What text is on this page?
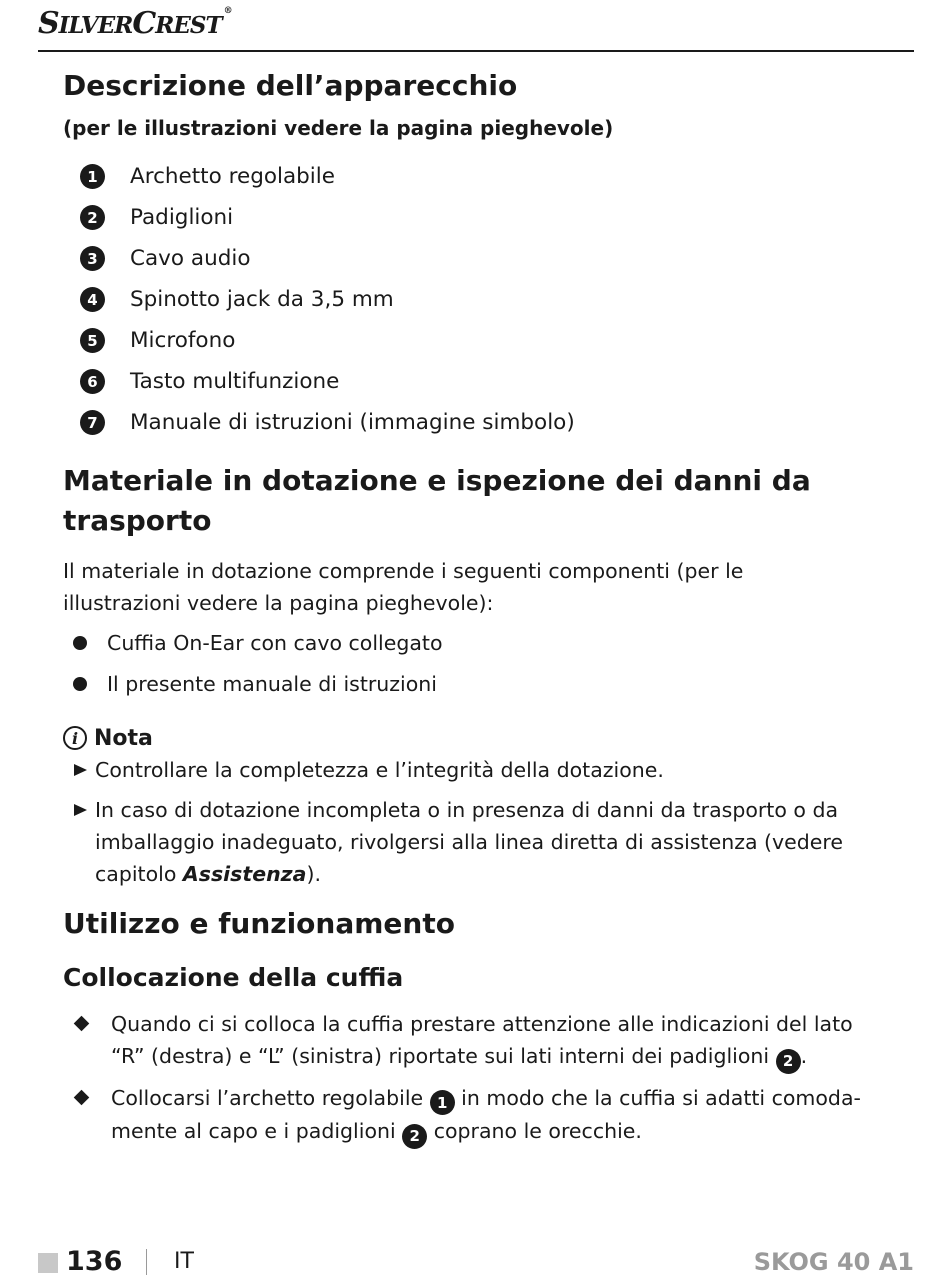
SILVERCREST®
Descrizione dell’apparecchio
(per le illustrazioni vedere la pagina pieghevole)
1	Archetto regolabile
2	Padiglioni
3	Cavo audio
4	Spinotto jack da 3,5 mm
5	Microfono
6	Tasto multifunzione
7	Manuale di istruzioni (immagine simbolo)
Materiale in dotazione e ispezione dei danni da trasporto

Il materiale in dotazione comprende i seguenti componenti (per le illustrazioni vedere la pagina pieghevole):

Cuffia On-Ear con cavo collegato
Il presente manuale di istruzioni
i Nota
Controllare la completezza e l’integrità della dotazione.
In caso di dotazione incompleta o in presenza di danni da trasporto o da imballaggio inadeguato, rivolgersi alla linea diretta di assistenza (vedere capitolo Assistenza).
Utilizzo e funzionamento
Collocazione della cuffia
Quando ci si colloca la cuffia prestare attenzione alle indicazioni del lato “R” (destra) e “L” (sinistra) riportate sui lati interni dei padiglioni 2 .
Collocarsi l’archetto regolabile 1 in modo che la cuffia si adatti comodamente al capo e i padiglioni 2 coprano le orecchie.
136 IT	SKOG 40 A1
